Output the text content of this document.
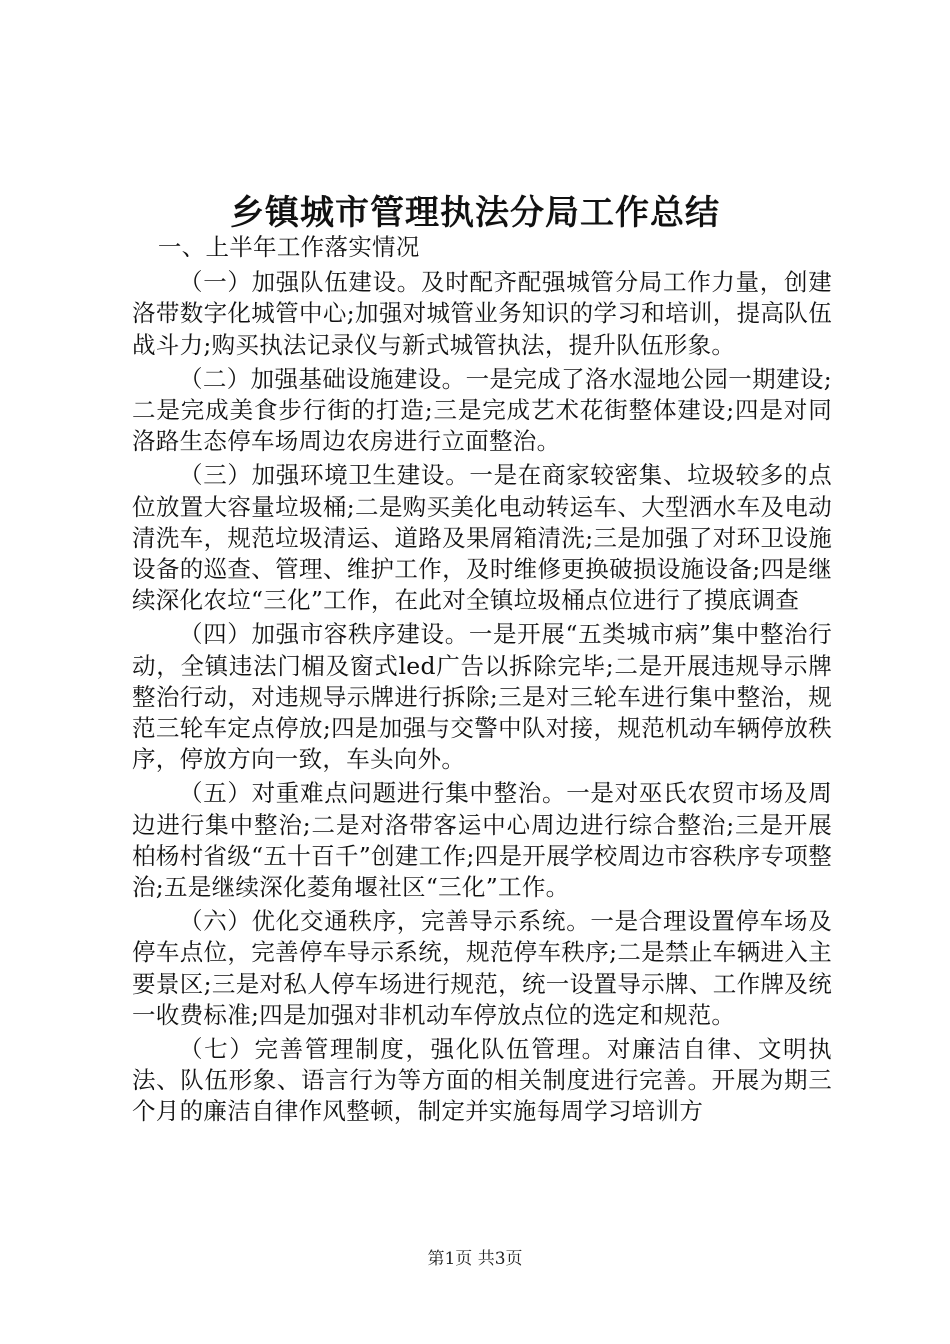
乡镇城市管理执法分局工作总结

一、上半年工作落实情况

（一）加强队伍建设。及时配齐配强城管分局工作力量，创建洛带数字化城管中心;加强对城管业务知识的学习和培训，提高队伍战斗力;购买执法记录仪与新式城管执法，提升队伍形象。

（二）加强基础设施建设。一是完成了洛水湿地公园一期建设;二是完成美食步行街的打造;三是完成艺术花街整体建设;四是对同洛路生态停车场周边农房进行立面整治。

（三）加强环境卫生建设。一是在商家较密集、垃圾较多的点位放置大容量垃圾桶;二是购买美化电动转运车、大型洒水车及电动清洗车，规范垃圾清运、道路及果屑箱清洗;三是加强了对环卫设施设备的巡查、管理、维护工作，及时维修更换破损设施设备;四是继续深化农垃“三化”工作，在此对全镇垃圾桶点位进行了摸底调查

（四）加强市容秩序建设。一是开展“五类城市病”集中整治行动，全镇违法门楣及窗式led广告以拆除完毕;二是开展违规导示牌整治行动，对违规导示牌进行拆除;三是对三轮车进行集中整治，规范三轮车定点停放;四是加强与交警中队对接，规范机动车辆停放秩序，停放方向一致，车头向外。

（五）对重难点问题进行集中整治。一是对巫氏农贸市场及周边进行集中整治;二是对洛带客运中心周边进行综合整治;三是开展柏杨村省级“五十百千”创建工作;四是开展学校周边市容秩序专项整治;五是继续深化菱角堰社区“三化”工作。

（六）优化交通秩序，完善导示系统。一是合理设置停车场及停车点位，完善停车导示系统，规范停车秩序;二是禁止车辆进入主要景区;三是对私人停车场进行规范，统一设置导示牌、工作牌及统一收费标准;四是加强对非机动车停放点位的选定和规范。

（七）完善管理制度，强化队伍管理。对廉洁自律、文明执法、队伍形象、语言行为等方面的相关制度进行完善。开展为期三个月的廉洁自律作风整顿，制定并实施每周学习培训方

第1页 共3页
